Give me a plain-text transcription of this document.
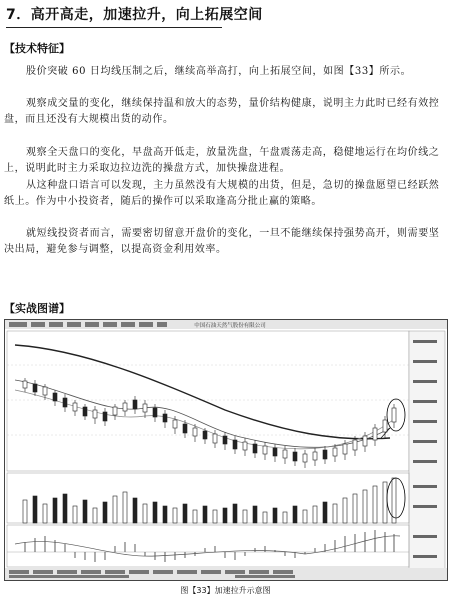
7．高开高走，加速拉升，向上拓展空间
【技术特征】
股价突破 60 日均线压制之后，继续高举高打，向上拓展空间，如图【33】所示。
观察成交量的变化，继续保持温和放大的态势，量价结构健康，说明主力此时已经有效控盘，而且还没有大规模出货的动作。
观察全天盘口的变化，早盘高开低走，放量洗盘，午盘震荡走高，稳健地运行在均价线之上，说明此时主力采取边拉边洗的操盘方式，加快操盘进程。
从这种盘口语言可以发现，主力虽然没有大规模的出货，但是，急切的操盘愿望已经跃然纸上。作为中小投资者，随后的操作可以采取逢高分批止赢的策略。
就短线投资者而言，需要密切留意开盘价的变化，一旦不能继续保持强势高开，则需要坚决出局，避免参与调整，以提高资金利用效率。
【实战图谱】
中国石油天然气股份有限公司
图【33】加速拉升示意图
